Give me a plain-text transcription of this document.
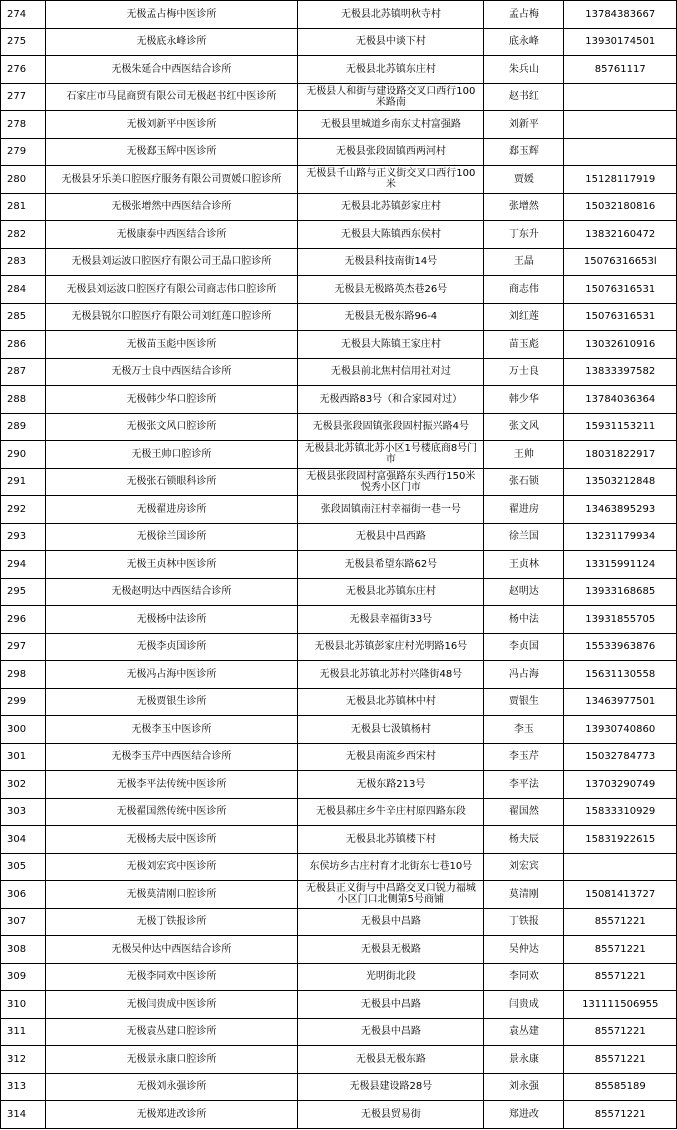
274	无极孟占梅中医诊所	无极县北苏镇明秋寺村	孟占梅	13784383667
275	无极底永峰诊所	无极县中谈下村	底永峰	13930174501
276	无极朱延合中西医结合诊所	无极县北苏镇东庄村	朱兵山	85761117
277	石家庄市马昆商贸有限公司无极赵书红中医诊所	无极县人和街与建设路交叉口西行100米路南	赵书红	
278	无极刘新平中医诊所	无极县里城道乡南东丈村富强路	刘新平	
279	无极郄玉辉中医诊所	无极县张段固镇西两河村	郄玉辉	
280	无极县牙乐美口腔医疗服务有限公司贾媛口腔诊所	无极县千山路与正义街交叉口西行100米	贾媛	15128117919
281	无极张增然中西医结合诊所	无极县北苏镇彭家庄村	张增然	15032180816
282	无极康泰中西医结合诊所	无极县大陈镇西东侯村	丁东升	13832160472
283	无极县刘运波口腔医疗有限公司王晶口腔诊所	无极县科技南街14号	王晶	15076316653l
284	无极县刘运波口腔医疗有限公司商志伟口腔诊所	无极县无极路英杰巷26号	商志伟	15076316531
285	无极县锐尔口腔医疗有限公司刘红莲口腔诊所	无极县无极东路96-4	刘红莲	15076316531
286	无极苗玉彪中医诊所	无极县大陈镇王家庄村	苗玉彪	13032610916
287	无极万士良中西医结合诊所	无极县前北焦村信用社对过	万士良	13833397582
288	无极韩少华口腔诊所	无极西路83号（和合家园对过）	韩少华	13784036364
289	无极张文风口腔诊所	无极县张段固镇张段固村振兴路4号	张文风	15931153211
290	无极王帅口腔诊所	无极县北苏镇北苏小区1号楼底商8号门市	王帅	18031822917
291	无极张石锁眼科诊所	无极县张段固村富强路东头西行150米悦秀小区门市	张石锁	13503212848
292	无极翟进房诊所	张段固镇南汪村幸福街一巷一号	翟进房	13463895293
293	无极徐兰国诊所	无极县中昌西路	徐兰国	13231179934
294	无极王贞林中医诊所	无极县希望东路62号	王贞林	13315991124
295	无极赵明达中西医结合诊所	无极县北苏镇东庄村	赵明达	13933168685
296	无极杨中法诊所	无极县幸福街33号	杨中法	13931855705
297	无极李贞国诊所	无极县北苏镇彭家庄村光明路16号	李贞国	15533963876
298	无极冯占海中医诊所	无极县北苏镇北苏村兴隆街48号	冯占海	15631130558
299	无极贾银生诊所	无极县北苏镇林中村	贾银生	13463977501
300	无极李玉中医诊所	无极县七汲镇杨村	李玉	13930740860
301	无极李玉芹中西医结合诊所	无极县南流乡西宋村	李玉芹	15032784773
302	无极李平法传统中医诊所	无极东路213号	李平法	13703290749
303	无极翟国然传统中医诊所	无极县郝庄乡牛辛庄村原四路东段	翟国然	15833310929
304	无极杨夫辰中医诊所	无极县北苏镇楼下村	杨夫辰	15831922615
305	无极刘宏宾中医诊所	东侯坊乡古庄村育才北街东七巷10号	刘宏宾	
306	无极莫清刚口腔诊所	无极县正义街与中昌路交叉口锐力福城小区门口北侧第5号商铺	莫清刚	15081413727
307	无极丁铁报诊所	无极县中昌路	丁铁报	85571221
308	无极吴仲达中西医结合诊所	无极县无极路	吴仲达	85571221
309	无极李同欢中医诊所	光明街北段	李同欢	85571221
310	无极闫贵成中医诊所	无极县中昌路	闫贵成	131111506955
311	无极袁丛建口腔诊所	无极县中昌路	袁丛建	85571221
312	无极景永康口腔诊所	无极县无极东路	景永康	85571221
313	无极刘永强诊所	无极县建设路28号	刘永强	85585189
314	无极郑进改诊所	无极县贸易街	郑进改	85571221
